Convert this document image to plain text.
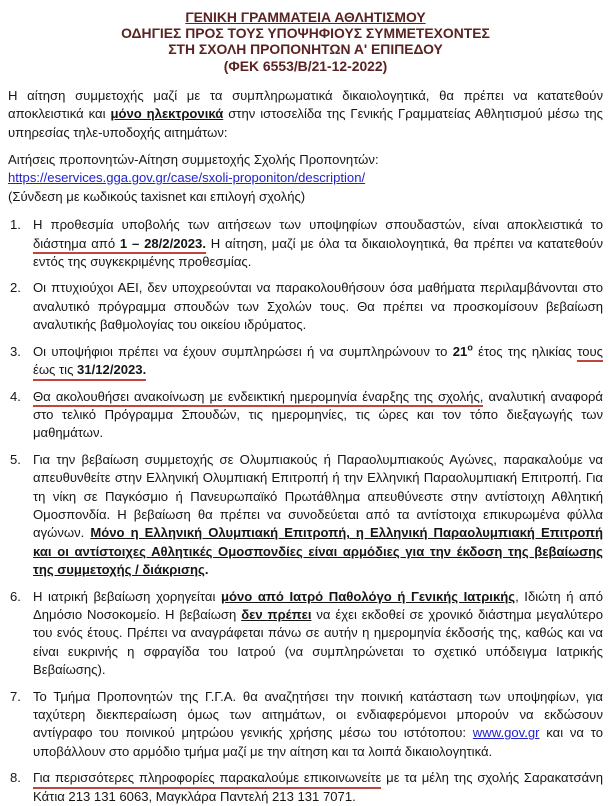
ΓΕΝΙΚΗ ΓΡΑΜΜΑΤΕΙΑ ΑΘΛΗΤΙΣΜΟΥ
ΟΔΗΓΙΕΣ ΠΡΟΣ ΤΟΥΣ ΥΠΟΨΗΦΙΟΥΣ ΣΥΜΜΕΤΕΧΟΝΤΕΣ
ΣΤΗ ΣΧΟΛΗ ΠΡΟΠΟΝΗΤΩΝ Α' ΕΠΙΠΕΔΟΥ
(ΦΕΚ 6553/Β/21-12-2022)
Η αίτηση συμμετοχής μαζί με τα συμπληρωματικά δικαιολογητικά, θα πρέπει να κατατεθούν αποκλειστικά και μόνο ηλεκτρονικά στην ιστοσελίδα της Γενικής Γραμματείας Αθλητισμού μέσω της υπηρεσίας τηλε-υποδοχής αιτημάτων:
Αιτήσεις προπονητών-Αίτηση συμμετοχής Σχολής Προπονητών:
https://eservices.gga.gov.gr/case/sxoli-proponiton/description/
(Σύνδεση με κωδικούς taxisnet και επιλογή σχολής)
1. Η προθεσμία υποβολής των αιτήσεων των υποψηφίων σπουδαστών, είναι αποκλειστικά το διάστημα από 1 – 28/2/2023. Η αίτηση, μαζί με όλα τα δικαιολογητικά, θα πρέπει να κατατεθούν εντός της συγκεκριμένης προθεσμίας.
2. Οι πτυχιούχοι ΑΕΙ, δεν υποχρεούνται να παρακολουθήσουν όσα μαθήματα περιλαμβάνονται στο αναλυτικό πρόγραμμα σπουδών των Σχολών τους. Θα πρέπει να προσκομίσουν βεβαίωση αναλυτικής βαθμολογίας του οικείου ιδρύματος.
3. Οι υποψήφιοι πρέπει να έχουν συμπληρώσει ή να συμπληρώνουν το $21^o$ έτος της ηλικίας τους έως τις 31/12/2023.
4. Θα ακολουθήσει ανακοίνωση με ενδεικτική ημερομηνία έναρξης της σχολής, αναλυτική αναφορά στο τελικό Πρόγραμμα Σπουδών, τις ημερομηνίες, τις ώρες και τον τόπο διεξαγωγής των μαθημάτων.
5. Για την βεβαίωση συμμετοχής σε Ολυμπιακούς ή Παραολυμπιακούς Αγώνες, παρακαλούμε να απευθυνθείτε στην Ελληνική Ολυμπιακή Επιτροπή ή την Ελληνική Παραολυμπιακή Επιτροπή. Για τη νίκη σε Παγκόσμιο ή Πανευρωπαϊκό Πρωτάθλημα απευθύνεστε στην αντίστοιχη Αθλητική Ομοσπονδία. Η βεβαίωση θα πρέπει να συνοδεύεται από τα αντίστοιχα επικυρωμένα φύλλα αγώνων. Μόνο η Ελληνική Ολυμπιακή Επιτροπή, η Ελληνική Παραολυμπιακή Επιτροπή και οι αντίστοιχες Αθλητικές Ομοσπονδίες είναι αρμόδιες για την έκδοση της βεβαίωσης της συμμετοχής / διάκρισης.
6. Η ιατρική βεβαίωση χορηγείται μόνο από Ιατρό Παθολόγο ή Γενικής Ιατρικής, Ιδιώτη ή από Δημόσιο Νοσοκομείο. Η βεβαίωση δεν πρέπει να έχει εκδοθεί σε χρονικό διάστημα μεγαλύτερο του ενός έτους. Πρέπει να αναγράφεται πάνω σε αυτήν η ημερομηνία έκδοσής της, καθώς και να είναι ευκρινής η σφραγίδα του Ιατρού (να συμπληρώνεται το σχετικό υπόδειγμα Ιατρικής Βεβαίωσης).
7. Το Τμήμα Προπονητών της Γ.Γ.Α. θα αναζητήσει την ποινική κατάσταση των υποψηφίων, για ταχύτερη διεκπεραίωση όμως των αιτημάτων, οι ενδιαφερόμενοι μπορούν να εκδώσουν αντίγραφο του ποινικού μητρώου γενικής χρήσης μέσω του ιστότοπου: www.gov.gr και να το υποβάλλουν στο αρμόδιο τμήμα μαζί με την αίτηση και τα λοιπά δικαιολογητικά.
8. Για περισσότερες πληροφορίες παρακαλούμε επικοινωνείτε με τα μέλη της σχολής Σαρακατσάνη Κάτια 213 131 6063, Μαγκλάρα Παντελή 213 131 7071.
